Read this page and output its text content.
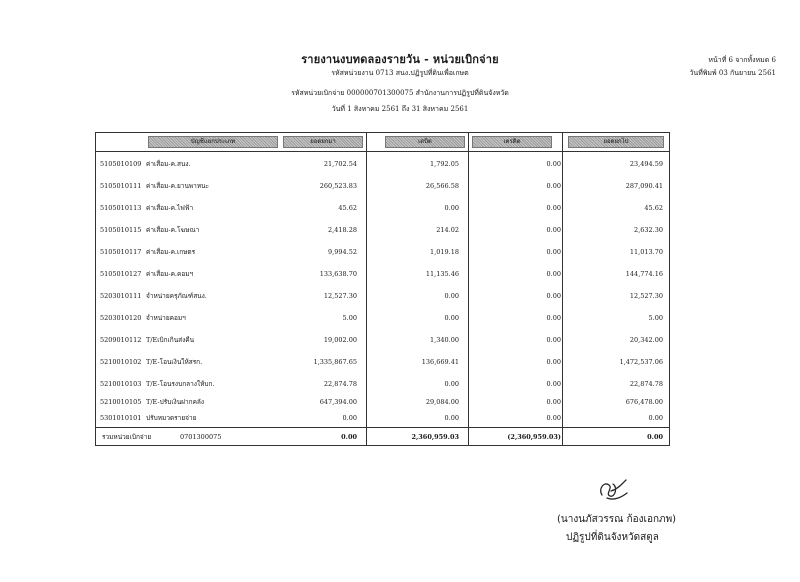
รายงานงบทดลองรายวัน - หน่วยเบิกจ่าย
รหัสหน่วยงาน 0713 สนง.ปฏิรูปที่ดินเพื่อเกษต
รหัสหน่วยเบิกจ่าย 000000701300075 สำนักงานการปฏิรูปที่ดินจังหวัด
วันที่ 1 สิงหาคม 2561 ถึง 31 สิงหาคม 2561
หน้าที่ 6 จากทั้งหมด 6
วันที่พิมพ์ 03 กันยายน 2561
บัญชีแยกประเภท	ยอดยกมา	เดบิต	เครดิต	ยอดยกไป
5105010109 ค่าเสื่อม-ค.สนง.	21,702.54	1,792.05	0.00	23,494.59
5105010111 ค่าเสื่อม-ค.ยานพาหนะ	260,523.83	26,566.58	0.00	287,090.41
5105010113 ค่าเสื่อม-ค.ไฟฟ้า	45.62	0.00	0.00	45.62
5105010115 ค่าเสื่อม-ค.โฆษณา	2,418.28	214.02	0.00	2,632.30
5105010117 ค่าเสื่อม-ค.เกษตร	9,994.52	1,019.18	0.00	11,013.70
5105010127 ค่าเสื่อม-ค.คอมฯ	133,638.70	11,135.46	0.00	144,774.16
5203010111 จำหน่ายครุภัณฑ์สนง.	12,527.30	0.00	0.00	12,527.30
5203010120 จำหน่ายคอมฯ	5.00	0.00	0.00	5.00
5209010112 T/Eเบิกเกินส่งคืน	19,002.00	1,340.00	0.00	20,342.00
5210010102 T/E-โอนเงินให้สรก.	1,335,867.65	136,669.41	0.00	1,472,537.06
5210010103 T/E-โอนรงบกลางให้บก.	22,874.78	0.00	0.00	22,874.78
5210010105 T/E-ปรับเงินฝากคลัง	647,394.00	29,084.00	0.00	676,478.00
5301010101 ปรับหมวดรายจ่าย	0.00	0.00	0.00	0.00
รวมหน่วยเบิกจ่าย	0701300075	0.00	2,360,959.03	(2,360,959.03)	0.00
(นางนภัสวรรณ ก้องเอกภพ)
ปฏิรูปที่ดินจังหวัดสตูล
